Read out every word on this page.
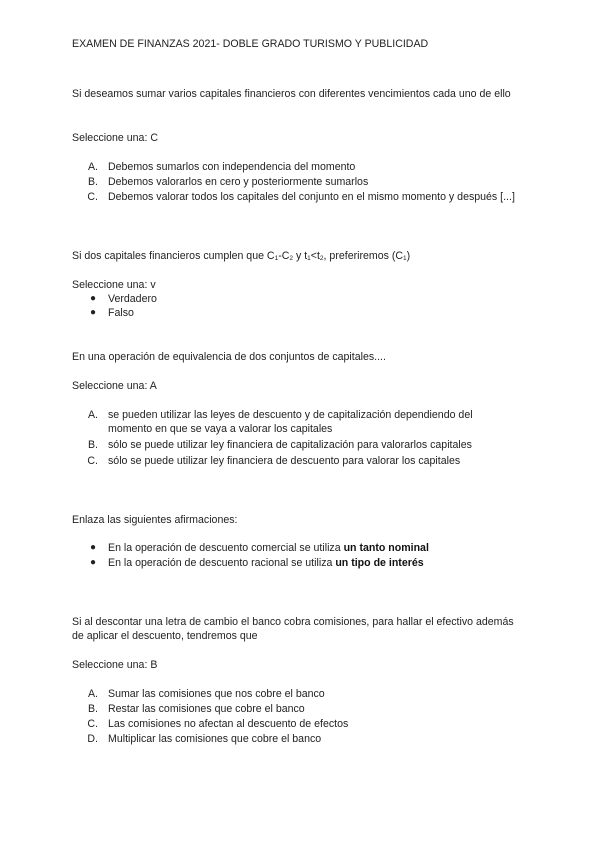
EXAMEN DE FINANZAS 2021- DOBLE GRADO TURISMO Y PUBLICIDAD
Si deseamos sumar varios capitales financieros con diferentes vencimientos cada uno de ello
Seleccione una: C
A. Debemos sumarlos con independencia del momento
B. Debemos valorarlos en cero y posteriormente sumarlos
C. Debemos valorar todos los capitales del conjunto en el mismo momento y después [...]
Si dos capitales financieros cumplen que $C_1-C_2$ y $t_1<t_2$, preferiremos $(C_1)$
Seleccione una: v
● Verdadero
● Falso
En una operación de equivalencia de dos conjuntos de capitales....
Seleccione una: A
A. se pueden utilizar las leyes de descuento y de capitalización dependiendo del momento en que se vaya a valorar los capitales
B. sólo se puede utilizar ley financiera de capitalización para valorarlos capitales
C. sólo se puede utilizar ley financiera de descuento para valorar los capitales
Enlaza las siguientes afirmaciones:
● En la operación de descuento comercial se utiliza un tanto nominal
● En la operación de descuento racional se utiliza un tipo de interés
Si al descontar una letra de cambio el banco cobra comisiones, para hallar el efectivo además de aplicar el descuento, tendremos que
Seleccione una: B
A. Sumar las comisiones que nos cobre el banco
B. Restar las comisiones que cobre el banco
C. Las comisiones no afectan al descuento de efectos
D. Multiplicar las comisiones que cobre el banco
